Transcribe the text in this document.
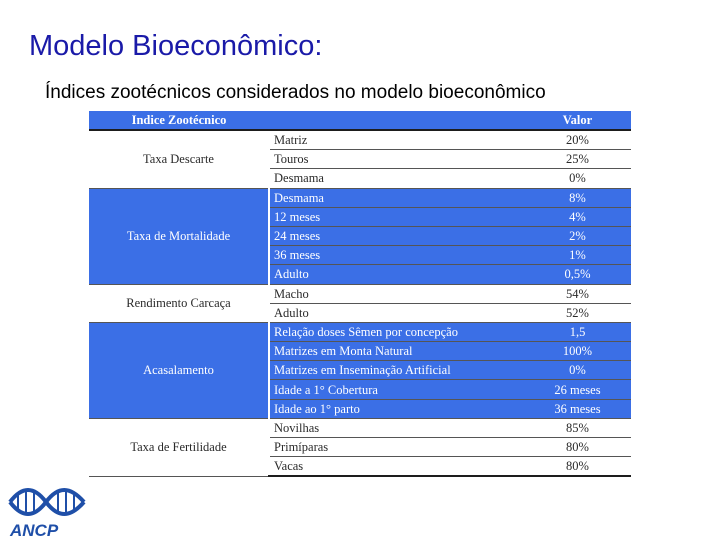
Modelo Bioeconômico:
Índices zootécnicos considerados no modelo bioeconômico
Indice Zootécnico		Valor
Taxa Descarte	Matriz	20%
	Touros	25%
	Desmama	0%
Taxa de Mortalidade	Desmama	8%
	12 meses	4%
	24 meses	2%
	36 meses	1%
	Adulto	0,5%
Rendimento Carcaça	Macho	54%
	Adulto	52%
Acasalamento	Relação doses Sêmen por concepção	1,5
	Matrizes em Monta Natural	100%
	Matrizes em Inseminação Artificial	0%
	Idade a 1° Cobertura	26 meses
	Idade ao 1° parto	36 meses
Taxa de Fertilidade	Novilhas	85%
	Primíparas	80%
	Vacas	80%
ANCP
